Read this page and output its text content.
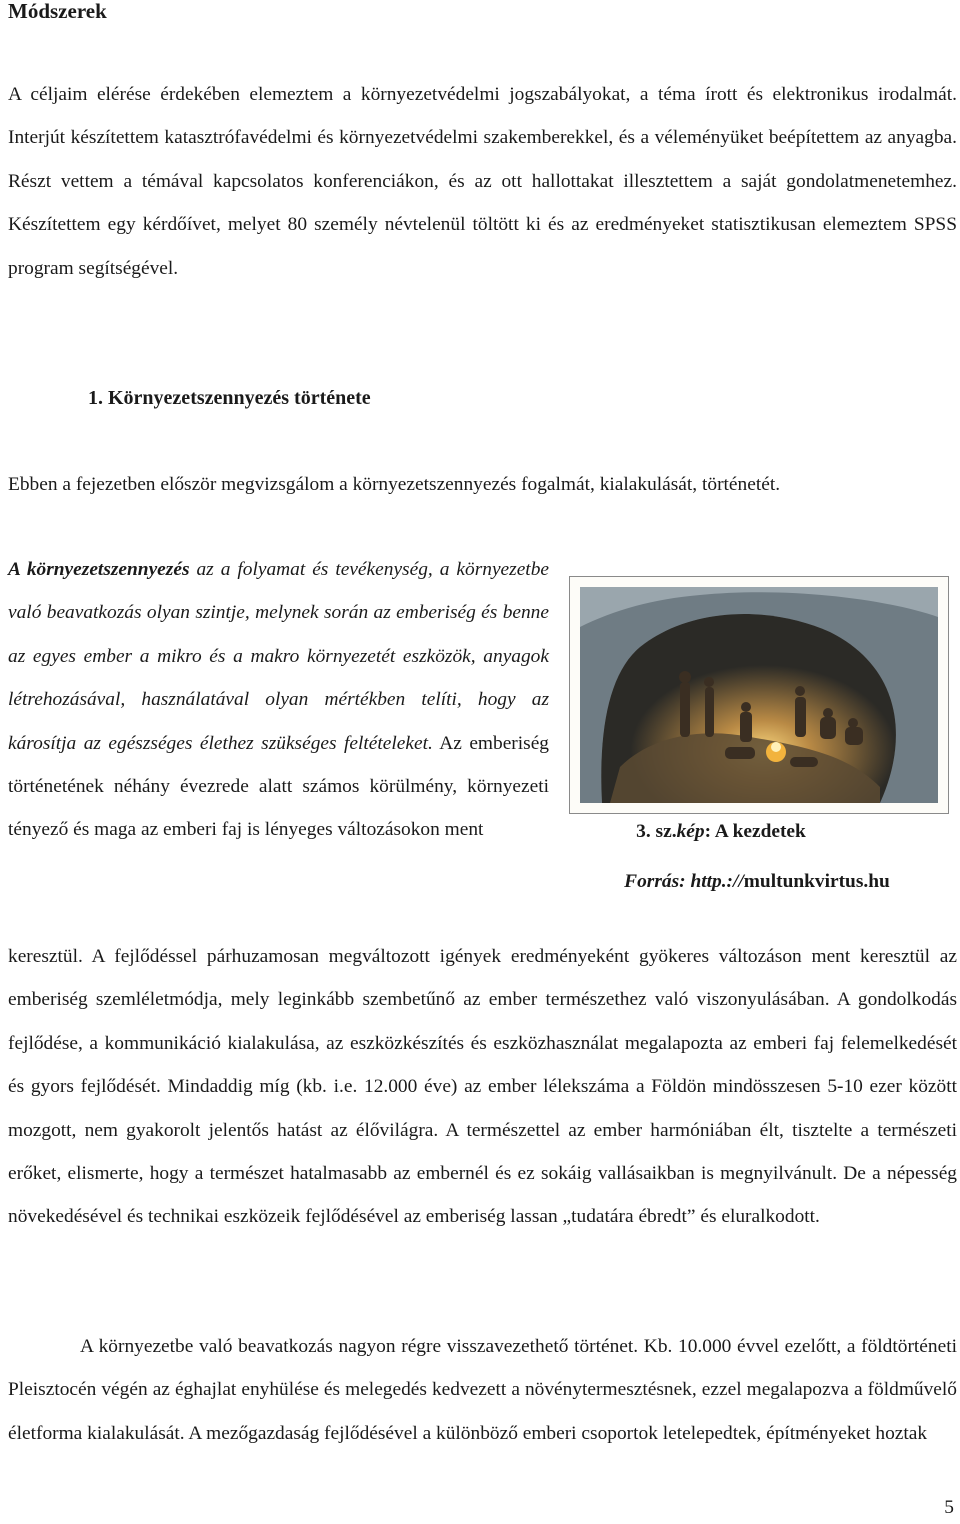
Módszerek

A céljaim elérése érdekében elemeztem a környezetvédelmi jogszabályokat, a téma írott és elektronikus irodalmát. Interjút készítettem katasztrófavédelmi és környezetvédelmi szakemberekkel, és a véleményüket beépítettem az anyagba. Részt vettem a témával kapcsolatos konferenciákon, és az ott hallottakat illesztettem a saját gondolatmenetemhez. Készítettem egy kérdőívet, melyet 80 személy névtelenül töltött ki és az eredményeket statisztikusan elemeztem SPSS program segítségével.

1. Környezetszennyezés története

Ebben a fejezetben először megvizsgálom a környezetszennyezés fogalmát, kialakulását, történetét.

A környezetszennyezés az a folyamat és tevékenység, a környezetbe való beavatkozás olyan szintje, melynek során az emberiség és benne az egyes ember a mikro és a makro környezetét eszközök, anyagok létrehozásával, használatával olyan mértékben telíti, hogy az károsítja az egészséges élethez szükséges feltételeket. Az emberiség történetének néhány évezrede alatt számos körülmény, környezeti tényező és maga az emberi faj is lényeges változásokon ment	3. sz.kép: A kezdetek

Forrás: http.://multunkvirtus.hu

keresztül. A fejlődéssel párhuzamosan megváltozott igények eredményeként gyökeres változáson ment keresztül az emberiség szemléletmódja, mely leginkább szembetűnő az ember természethez való viszonyulásában. A gondolkodás fejlődése, a kommunikáció kialakulása, az eszközkészítés és eszközhasználat megalapozta az emberi faj felemelkedését és gyors fejlődését. Mindaddig míg (kb. i.e. 12.000 éve) az ember lélekszáma a Földön mindösszesen 5-10 ezer között mozgott, nem gyakorolt jelentős hatást az élővilágra. A természettel az ember harmóniában élt, tisztelte a természeti erőket, elismerte, hogy a természet hatalmasabb az embernél és ez sokáig vallásaikban is megnyilvánult. De a népesség növekedésével és technikai eszközeik fejlődésével az emberiség lassan „tudatára ébredt” és eluralkodott.

A környezetbe való beavatkozás nagyon régre visszavezethető történet. Kb. 10.000 évvel ezelőtt, a földtörténeti Pleisztocén végén az éghajlat enyhülése és melegedés kedvezett a növénytermesztésnek, ezzel megalapozva a földművelő életforma kialakulását. A mezőgazdaság fejlődésével a különböző emberi csoportok letelepedtek, építményeket hoztak

5
